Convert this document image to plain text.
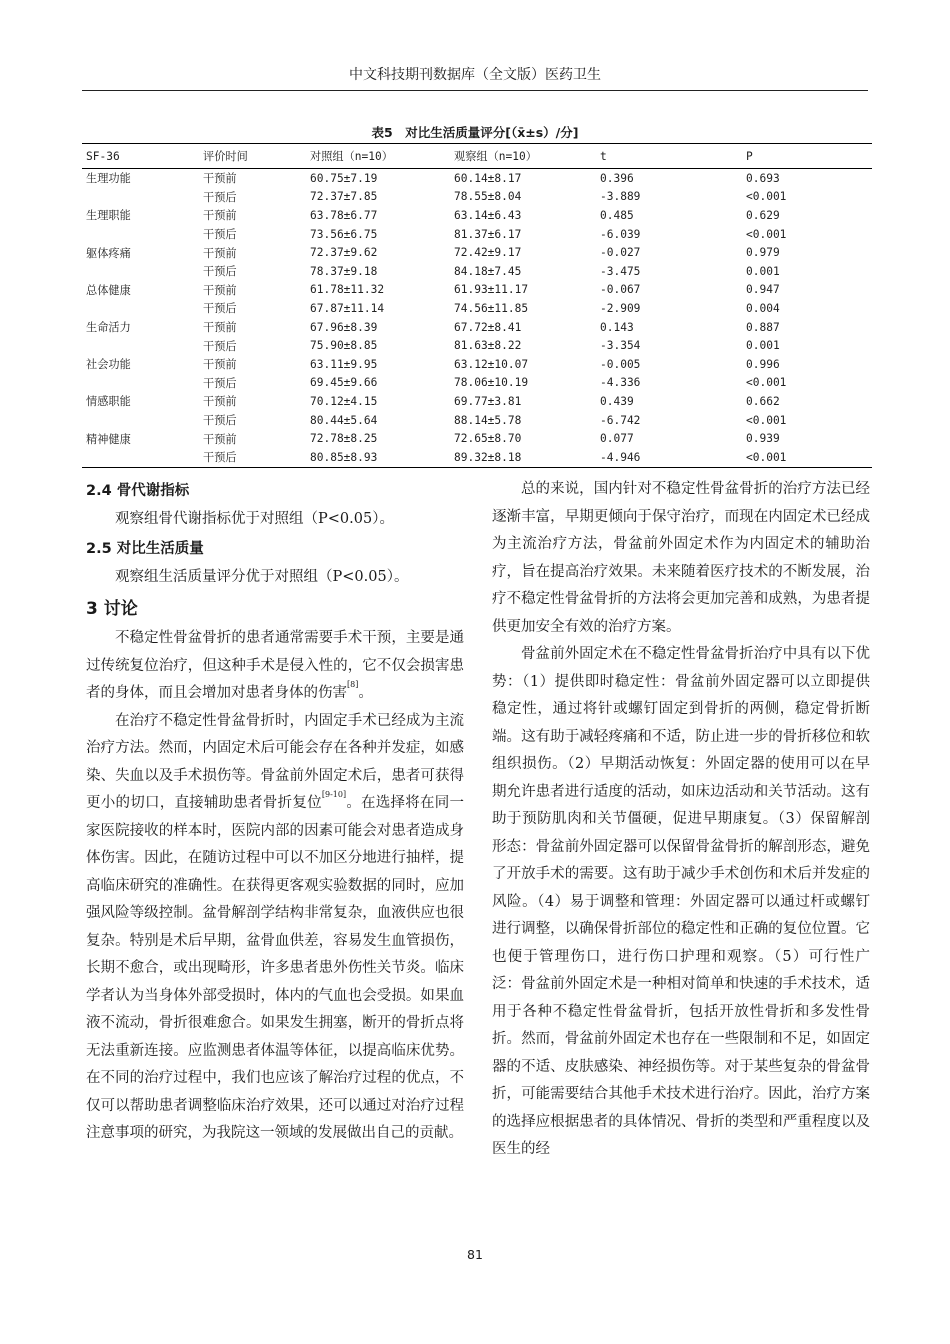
中文科技期刊数据库（全文版）医药卫生
表5　对比生活质量评分[（x̄±s）/分]
SF-36	评价时间	对照组（n=10）	观察组（n=10）	t	P
生理功能	干预前	60.75±7.19	60.14±8.17	0.396	0.693
	干预后	72.37±7.85	78.55±8.04	-3.889	<0.001
生理职能	干预前	63.78±6.77	63.14±6.43	0.485	0.629
	干预后	73.56±6.75	81.37±6.17	-6.039	<0.001
躯体疼痛	干预前	72.37±9.62	72.42±9.17	-0.027	0.979
	干预后	78.37±9.18	84.18±7.45	-3.475	0.001
总体健康	干预前	61.78±11.32	61.93±11.17	-0.067	0.947
	干预后	67.87±11.14	74.56±11.85	-2.909	0.004
生命活力	干预前	67.96±8.39	67.72±8.41	0.143	0.887
	干预后	75.90±8.85	81.63±8.22	-3.354	0.001
社会功能	干预前	63.11±9.95	63.12±10.07	-0.005	0.996
	干预后	69.45±9.66	78.06±10.19	-4.336	<0.001
情感职能	干预前	70.12±4.15	69.77±3.81	0.439	0.662
	干预后	80.44±5.64	88.14±5.78	-6.742	<0.001
精神健康	干预前	72.78±8.25	72.65±8.70	0.077	0.939
	干预后	80.85±8.93	89.32±8.18	-4.946	<0.001
2.4 骨代谢指标

观察组骨代谢指标优于对照组（P<0.05）。

2.5 对比生活质量

观察组生活质量评分优于对照组（P<0.05）。

3 讨论

不稳定性骨盆骨折的患者通常需要手术干预，主要是通过传统复位治疗，但这种手术是侵入性的，它不仅会损害患者的身体，而且会增加对患者身体的伤害[8]。

在治疗不稳定性骨盆骨折时，内固定手术已经成为主流治疗方法。然而，内固定术后可能会存在各种并发症，如感染、失血以及手术损伤等。骨盆前外固定术后，患者可获得更小的切口，直接辅助患者骨折复位[9-10]。在选择将在同一家医院接收的样本时，医院内部的因素可能会对患者造成身体伤害。因此，在随访过程中可以不加区分地进行抽样，提高临床研究的准确性。在获得更客观实验数据的同时，应加强风险等级控制。盆骨解剖学结构非常复杂，血液供应也很复杂。特别是术后早期，盆骨血供差，容易发生血管损伤，长期不愈合，或出现畸形，许多患者患外伤性关节炎。临床学者认为当身体外部受损时，体内的气血也会受损。如果血液不流动，骨折很难愈合。如果发生拥塞，断开的骨折点将无法重新连接。应监测患者体温等体征，以提高临床优势。在不同的治疗过程中，我们也应该了解治疗过程的优点，不仅可以帮助患者调整临床治疗效果，还可以通过对治疗过程注意事项的研究，为我院这一领域的发展做出自己的贡献。

总的来说，国内针对不稳定性骨盆骨折的治疗方法已经逐渐丰富，早期更倾向于保守治疗，而现在内固定术已经成为主流治疗方法，骨盆前外固定术作为内固定术的辅助治疗，旨在提高治疗效果。未来随着医疗技术的不断发展，治疗不稳定性骨盆骨折的方法将会更加完善和成熟，为患者提供更加安全有效的治疗方案。

骨盆前外固定术在不稳定性骨盆骨折治疗中具有以下优势：（1）提供即时稳定性：骨盆前外固定器可以立即提供稳定性，通过将针或螺钉固定到骨折的两侧，稳定骨折断端。这有助于减轻疼痛和不适，防止进一步的骨折移位和软组织损伤。（2）早期活动恢复：外固定器的使用可以在早期允许患者进行适度的活动，如床边活动和关节活动。这有助于预防肌肉和关节僵硬，促进早期康复。（3）保留解剖形态：骨盆前外固定器可以保留骨盆骨折的解剖形态，避免了开放手术的需要。这有助于减少手术创伤和术后并发症的风险。（4）易于调整和管理：外固定器可以通过杆或螺钉进行调整，以确保骨折部位的稳定性和正确的复位位置。它也便于管理伤口，进行伤口护理和观察。（5）可行性广泛：骨盆前外固定术是一种相对简单和快速的手术技术，适用于各种不稳定性骨盆骨折，包括开放性骨折和多发性骨折。然而，骨盆前外固定术也存在一些限制和不足，如固定器的不适、皮肤感染、神经损伤等。对于某些复杂的骨盆骨折，可能需要结合其他手术技术进行治疗。因此，治疗方案的选择应根据患者的具体情况、骨折的类型和严重程度以及医生的经

81
